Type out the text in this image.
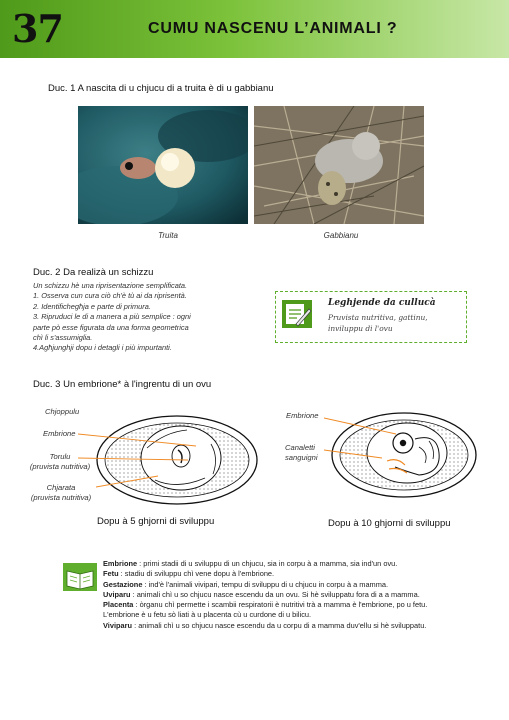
37	CUMU NASCENU L’ANIMALI ?
Duc. 1 A nascita di u chjucu di a truita è di u gabbianu
Truita	Gabbianu
Duc. 2 Da realizà un schizzu
Un schizzu hè una riprisentazione semplificata.
1. Osserva cun cura ciò ch'è tù ai da riprisentà.
2. Identifichegħja e parte di primura.
3. Ripruduci le di a manera a più semplice : ogni
parte pò esse figurata da una forma geometrica
chì li s'assumiglia.
4.Agħjunghji dopu i detagli i più impurtanti.
Leghjende da cullucà
Pruvista nutritiva, gattinu, inviluppu di l'ovu
Duc. 3 Un embrione* à l'ingrentu di un ovu
Chjoppulu
Embrione
Torulu
(pruvista nutritiva)
Chjarata
(pruvista nutritiva)
Embrione
Canaletti
sanguigni
Dopu à 5 ghjorni di sviluppu	Dopu à 10 ghjorni di sviluppu
Embrione : primi stadii di u sviluppu di un chjucu, sia in corpu à a mamma, sia ind'un ovu.
Fetu : stadiu di sviluppu chì vene dopu à l'embrione.
Gestazione : ind'è l'animali vivipari, tempu di sviluppu di u chjucu in corpu à a mamma.
Uviparu : animali chì u so chjucu nasce escendu da un ovu. Si hè sviluppatu fora di a a mamma.
Placenta : òrganu chì permette i scambii respiratorii è nutritivi trà a mamma è l'embrione, po u fetu. L'embrione è u fetu sò liati à u placenta cù u curdone di u bilicu.
Viviparu : animali chì u so chjucu nasce escendu da u corpu di a mamma duv'ellu si hè sviluppatu.
